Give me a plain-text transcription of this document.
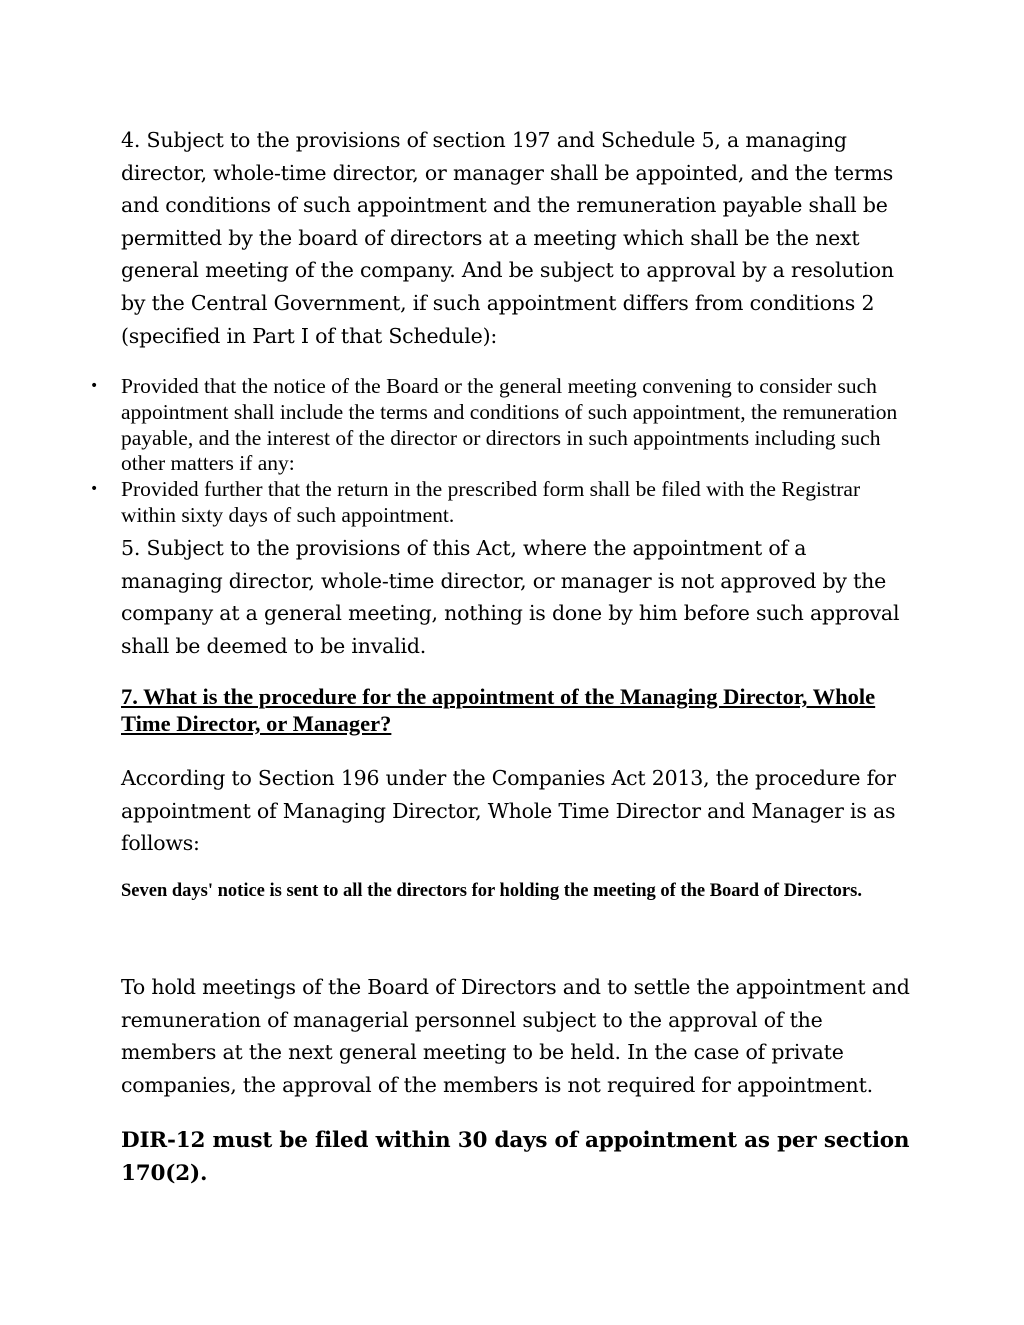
4. Subject to the provisions of section 197 and Schedule 5, a managing director, whole-time director, or manager shall be appointed, and the terms and conditions of such appointment and the remuneration payable shall be permitted by the board of directors at a meeting which shall be the next general meeting of the company. And be subject to approval by a resolution by the Central Government, if such appointment differs from conditions 2 (specified in Part I of that Schedule):

• Provided that the notice of the Board or the general meeting convening to consider such appointment shall include the terms and conditions of such appointment, the remuneration payable, and the interest of the director or directors in such appointments including such other matters if any:
• Provided further that the return in the prescribed form shall be filed with the Registrar within sixty days of such appointment.

5. Subject to the provisions of this Act, where the appointment of a managing director, whole-time director, or manager is not approved by the company at a general meeting, nothing is done by him before such approval shall be deemed to be invalid.

7. What is the procedure for the appointment of the Managing Director, Whole Time Director, or Manager?

According to Section 196 under the Companies Act 2013, the procedure for appointment of Managing Director, Whole Time Director and Manager is as follows:

Seven days' notice is sent to all the directors for holding the meeting of the Board of Directors.

To hold meetings of the Board of Directors and to settle the appointment and remuneration of managerial personnel subject to the approval of the members at the next general meeting to be held. In the case of private companies, the approval of the members is not required for appointment.

DIR-12 must be filed within 30 days of appointment as per section 170(2).
